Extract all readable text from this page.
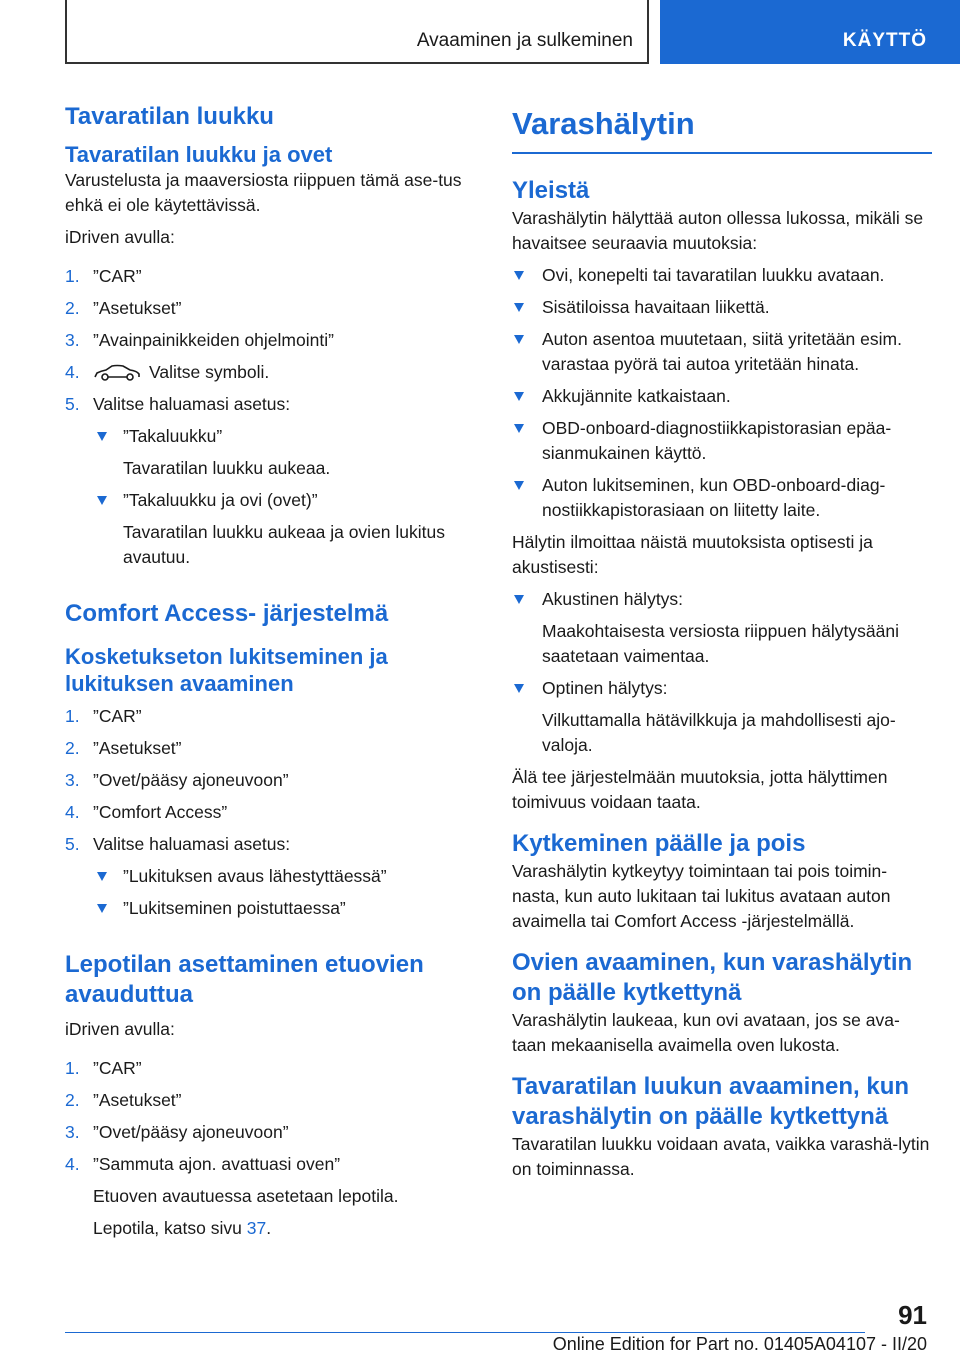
Avaaminen ja sulkeminen	KÄYTTÖ
Tavaratilan luukku
Tavaratilan luukku ja ovet

Varustelusta ja maaversiosta riippuen tämä ase-tus ehkä ei ole käytettävissä.

iDriven avulla:

1. ”CAR”
2. ”Asetukset”
3. ”Avainpainikkeiden ohjelmointi”
4.	Valitse symboli.
5. Valitse haluamasi asetus:
”Takaluukku”
Tavaratilan luukku aukeaa.
”Takaluukku ja ovi (ovet)”
Tavaratilan luukku aukeaa ja ovien lukitus avautuu.
Comfort Access- järjestelmä
Kosketukseton lukitseminen ja lukituksen avaaminen
1. ”CAR”
2. ”Asetukset”
3. ”Ovet/pääsy ajoneuvoon”
4. ”Comfort Access”
5. Valitse haluamasi asetus:
”Lukituksen avaus lähestyttäessä”
”Lukitseminen poistuttaessa”
Lepotilan asettaminen etuovien avauduttua

iDriven avulla:

1. ”CAR”
2. ”Asetukset”
3. ”Ovet/pääsy ajoneuvoon”
4. ”Sammuta ajon. avattuasi oven”
Etuoven avautuessa asetetaan lepotila.
Lepotila, katso sivu 37.
Varashälytin
Yleistä

Varashälytin hälyttää auton ollessa lukossa, mikäli se havaitsee seuraavia muutoksia:

Ovi, konepelti tai tavaratilan luukku avataan.
Sisätiloissa havaitaan liikettä.
Auton asentoa muutetaan, siitä yritetään esim. varastaa pyörä tai autoa yritetään hinata.
Akkujännite katkaistaan.
OBD-onboard-diagnostiikkapistorasian epäa-sianmukainen käyttö.
Auton lukitseminen, kun OBD-onboard-diag-nostiikkapistorasiaan on liitetty laite.

Hälytin ilmoittaa näistä muutoksista optisesti ja akustisesti:

Akustinen hälytys:
Maakohtaisesta versiosta riippuen hälytysääni saatetaan vaimentaa.
Optinen hälytys:
Vilkuttamalla hätävilkkuja ja mahdollisesti ajo-valoja.

Älä tee järjestelmään muutoksia, jotta hälyttimen toimivuus voidaan taata.

Kytkeminen päälle ja pois

Varashälytin kytkeytyy toimintaan tai pois toimin-nasta, kun auto lukitaan tai lukitus avataan auton avaimella tai Comfort Access -järjestelmällä.

Ovien avaaminen, kun varashälytin on päälle kytkettynä

Varashälytin laukeaa, kun ovi avataan, jos se ava-taan mekaanisella avaimella oven lukosta.

Tavaratilan luukun avaaminen, kun varashälytin on päälle kytkettynä

Tavaratilan luukku voidaan avata, vaikka varashä-lytin on toiminnassa.

91
Online Edition for Part no. 01405A04107 - II/20
